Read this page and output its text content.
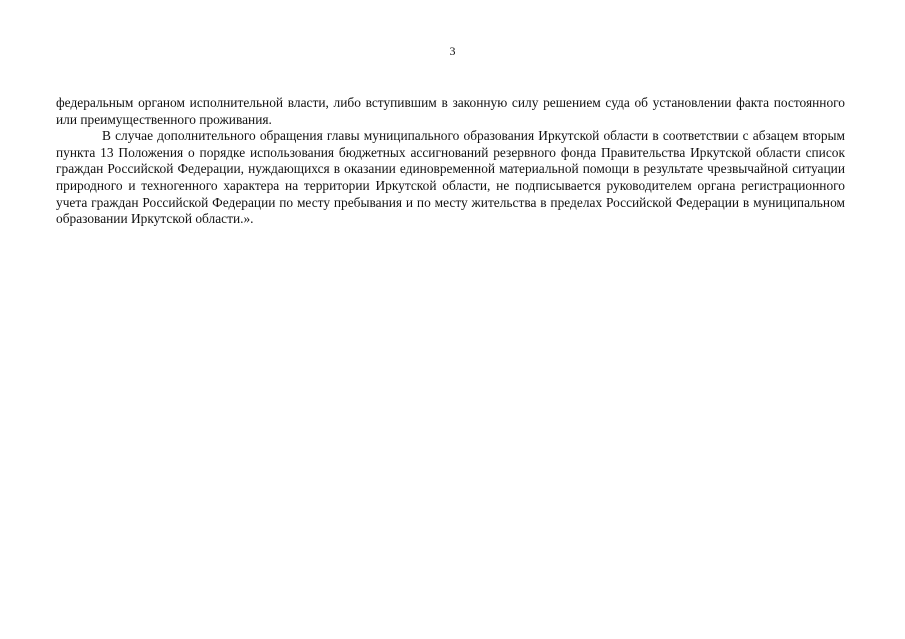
3

федеральным органом исполнительной власти, либо вступившим в законную силу решением суда об установлении факта постоянного или преимущественного проживания.

В случае дополнительного обращения главы муниципального образования Иркутской области в соответствии с абзацем вторым пункта 13 Положения о порядке использования бюджетных ассигнований резервного фонда Правительства Иркутской области список граждан Российской Федерации, нуждающихся в оказании единовременной материальной помощи в результате чрезвычайной ситуации природного и техногенного характера на территории Иркутской области, не подписывается руководителем органа регистрационного учета граждан Российской Федерации по месту пребывания и по месту жительства в пределах Российской Федерации в муниципальном образовании Иркутской области.».
